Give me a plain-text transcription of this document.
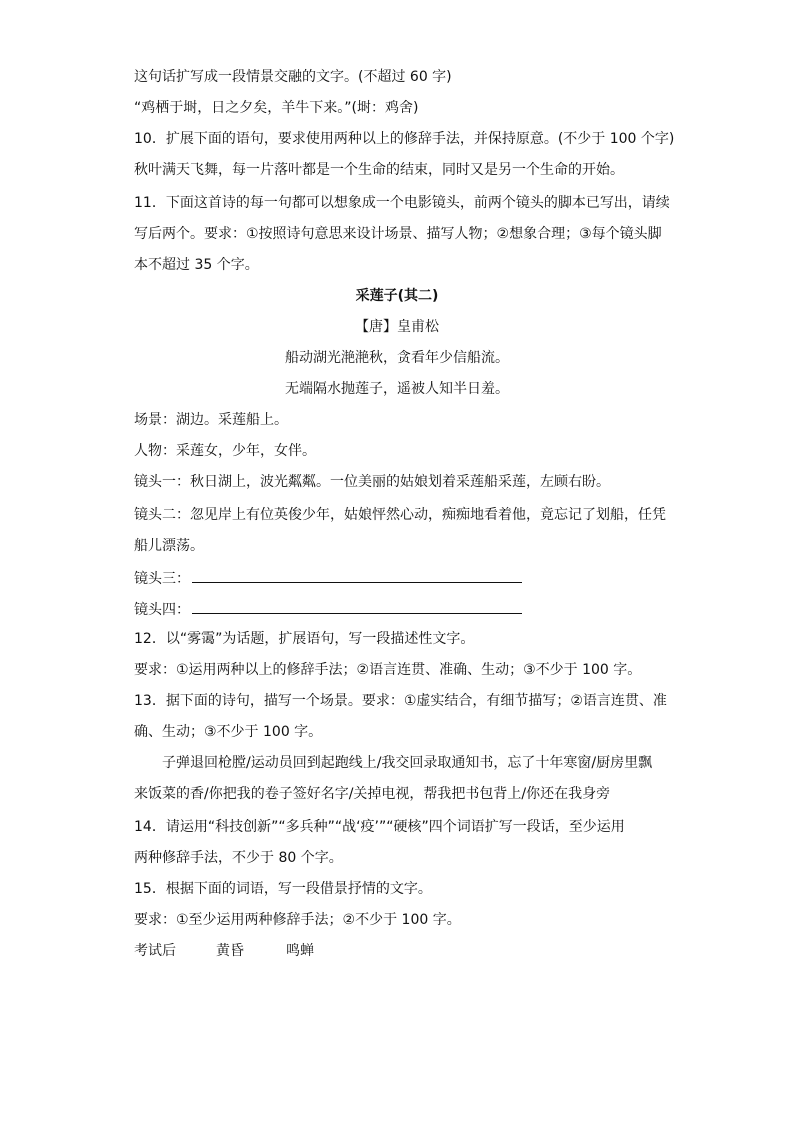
这句话扩写成一段情景交融的文字。(不超过 60 字)
“鸡栖于埘，日之夕矣，羊牛下来。”(埘：鸡舍)
10．扩展下面的语句，要求使用两种以上的修辞手法，并保持原意。(不少于 100 个字)
秋叶满天飞舞，每一片落叶都是一个生命的结束，同时又是另一个生命的开始。
11．下面这首诗的每一句都可以想象成一个电影镜头，前两个镜头的脚本已写出，请续
写后两个。要求：①按照诗句意思来设计场景、描写人物；②想象合理；③每个镜头脚
本不超过 35 个字。
采莲子(其二)
【唐】皇甫松
船动湖光滟滟秋，贪看年少信船流。
无端隔水抛莲子，遥被人知半日羞。
场景：湖边。采莲船上。
人物：采莲女，少年，女伴。
镜头一：秋日湖上，波光粼粼。一位美丽的姑娘划着采莲船采莲，左顾右盼。
镜头二：忽见岸上有位英俊少年，姑娘怦然心动，痴痴地看着他，竟忘记了划船，任凭
船儿漂荡。
镜头三：
镜头四：
12．以“雾霭”为话题，扩展语句，写一段描述性文字。
要求：①运用两种以上的修辞手法；②语言连贯、准确、生动；③不少于 100 字。
13．据下面的诗句，描写一个场景。要求：①虚实结合，有细节描写；②语言连贯、准
确、生动；③不少于 100 字。
子弹退回枪膛/运动员回到起跑线上/我交回录取通知书，忘了十年寒窗/厨房里飘
来饭菜的香/你把我的卷子签好名字/关掉电视，帮我把书包背上/你还在我身旁
14．请运用“科技创新”“多兵种”“战‘疫’”“硬核”四个词语扩写一段话，至少运用
两种修辞手法，不少于 80 个字。
15．根据下面的词语，写一段借景抒情的文字。
要求：①至少运用两种修辞手法；②不少于 100 字。
考试后	黄昏	鸣蝉
